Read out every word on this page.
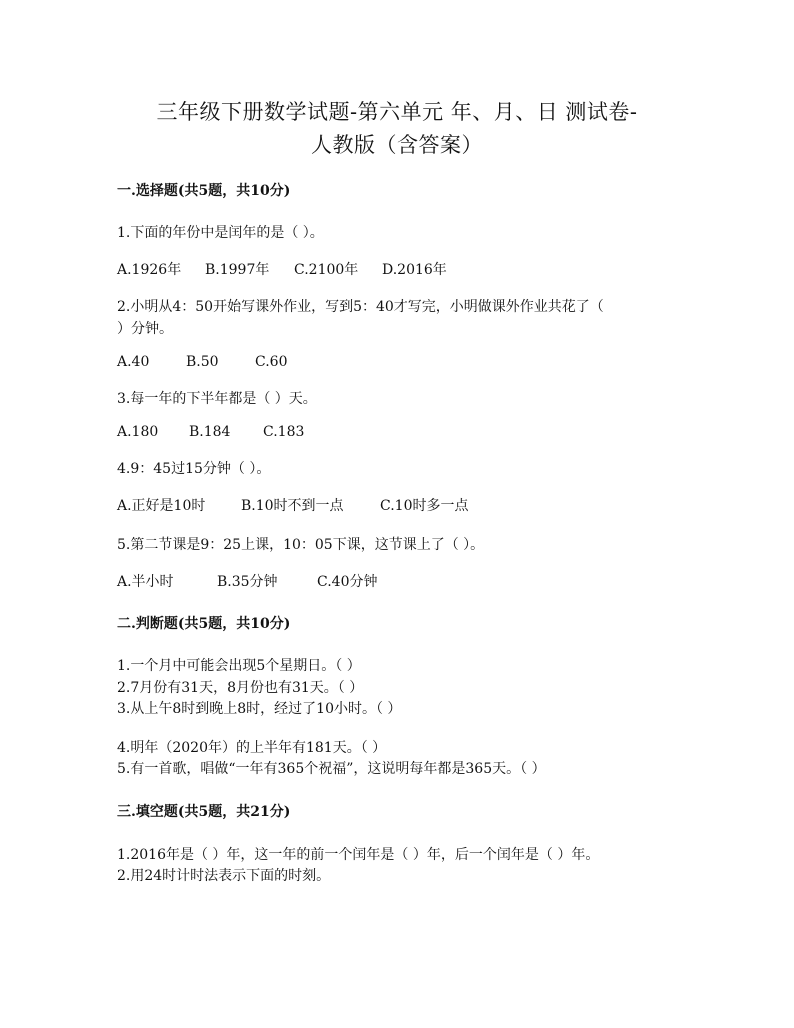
三年级下册数学试题-第六单元 年、月、日 测试卷-
人教版（含答案）
一.选择题(共5题，共10分)
1.下面的年份中是闰年的是（ ）。
A.1926年 B.1997年 C.2100年 D.2016年
2.小明从4：50开始写课外作业，写到5：40才写完，小明做课外作业共花了（
）分钟。
A.40	B.50	C.60
3.每一年的下半年都是（ ）天。
A.180 B.184 C.183
4.9：45过15分钟（ ）。
A.正好是10时	B.10时不到一点	C.10时多一点
5.第二节课是9：25上课，10：05下课，这节课上了（ ）。
A.半小时	B.35分钟	C.40分钟
二.判断题(共5题，共10分)
1.一个月中可能会出现5个星期日。（ ）
2.7月份有31天，8月份也有31天。（ ）
3.从上午8时到晚上8时，经过了10小时。（ ）
4.明年（2020年）的上半年有181天。（ ）
5.有一首歌，唱做“一年有365个祝福”，这说明每年都是365天。（ ）
三.填空题(共5题，共21分)
1.2016年是（ ）年，这一年的前一个闰年是（ ）年，后一个闰年是（ ）年。
2.用24时计时法表示下面的时刻。
